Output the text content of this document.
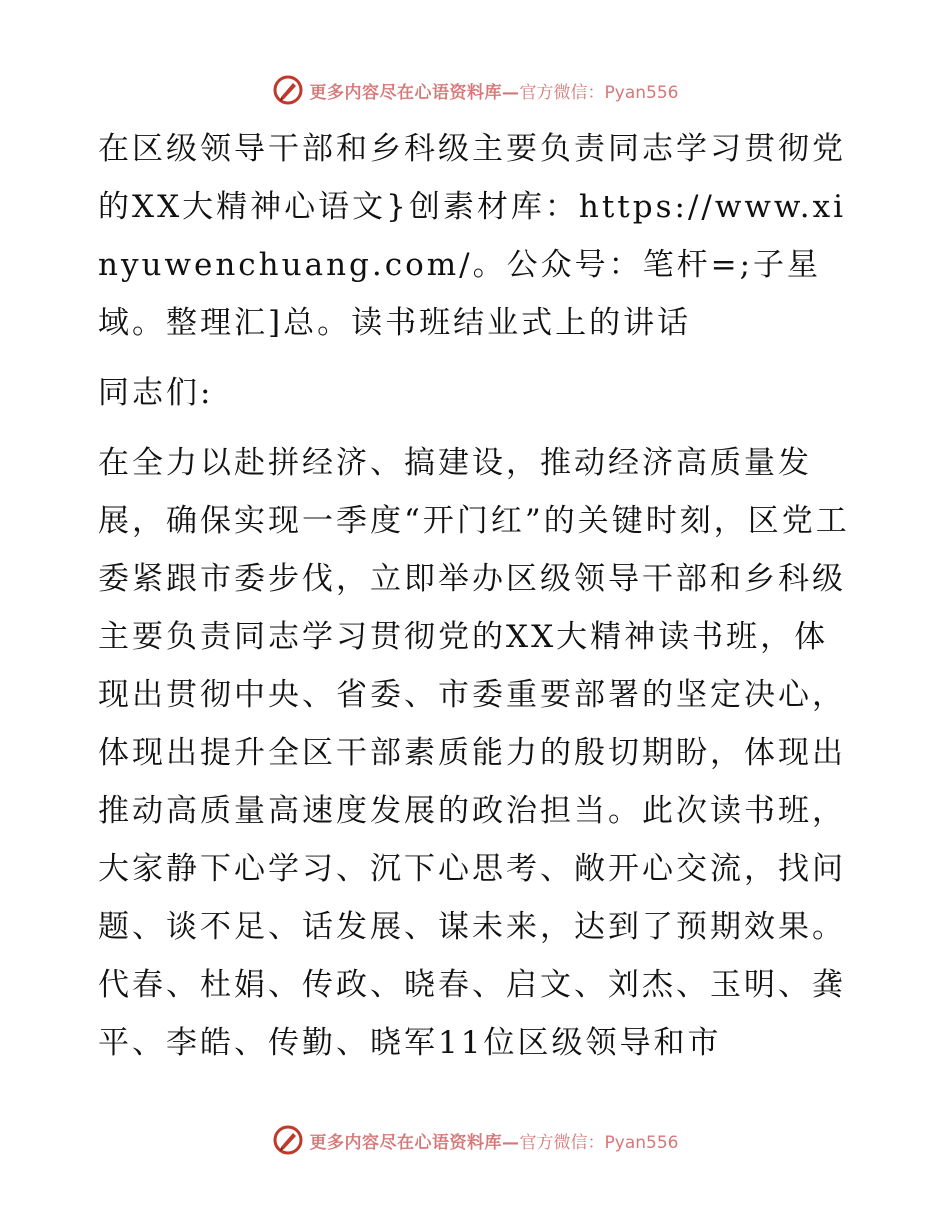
更多内容尽在心语资料库— 官方微信：Pyan556

在区级领导干部和乡科级主要负责同志学习贯彻党的XX大精神心语文}创素材库：https://www.xinyuwenchuang.com/。公众号：笔杆=;子星域。整理汇]总。读书班结业式上的讲话

同志们:

在全力以赴拼经济、搞建设，推动经济高质量发展，确保实现一季度“开门红”的关键时刻，区党工委紧跟市委步伐，立即举办区级领导干部和乡科级主要负责同志学习贯彻党的XX大精神读书班，体现出贯彻中央、省委、市委重要部署的坚定决心，体现出提升全区干部素质能力的殷切期盼，体现出推动高质量高速度发展的政治担当。此次读书班，大家静下心学习、沉下心思考、敞开心交流，找问题、谈不足、话发展、谋未来，达到了预期效果。代春、杜娟、传政、晓春、启文、刘杰、玉明、龚平、李皓、传勤、晓军11位区级领导和市

更多内容尽在心语资料库— 官方微信：Pyan556
